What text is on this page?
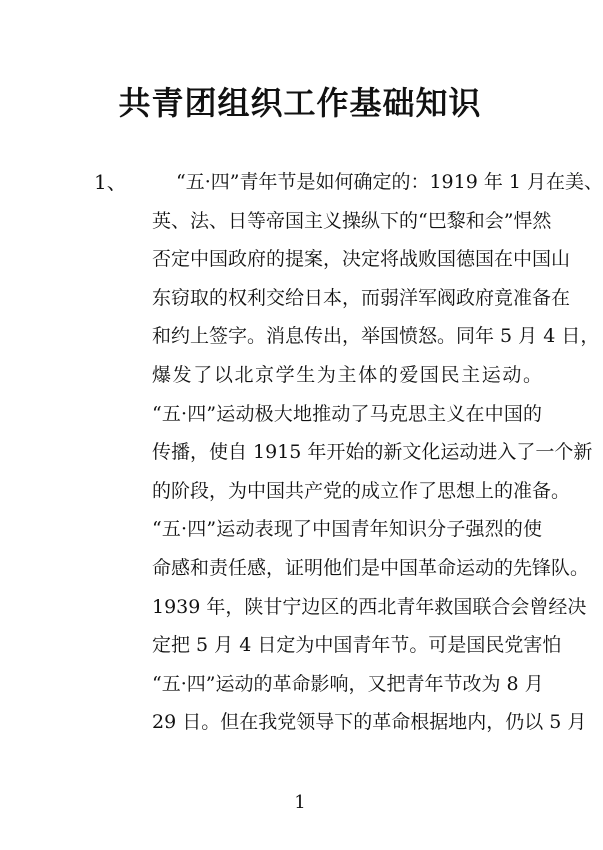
共青团组织工作基础知识
1、	“五·四”青年节是如何确定的：1919 年 1 月在美、
英、法、日等帝国主义操纵下的“巴黎和会”悍然
否定中国政府的提案，决定将战败国德国在中国山
东窃取的权利交给日本，而弱洋军阀政府竟准备在
和约上签字。消息传出，举国愤怒。同年 5 月 4 日，
爆发了以北京学生为主体的爱国民主运动。
“五·四”运动极大地推动了马克思主义在中国的
传播，使自 1915 年开始的新文化运动进入了一个新
的阶段，为中国共产党的成立作了思想上的准备。
“五·四”运动表现了中国青年知识分子强烈的使
命感和责任感，证明他们是中国革命运动的先锋队。
1939 年，陕甘宁边区的西北青年救国联合会曾经决
定把 5 月 4 日定为中国青年节。可是国民党害怕
“五·四”运动的革命影响，又把青年节改为 8 月
29 日。但在我党领导下的革命根据地内，仍以 5 月
1
